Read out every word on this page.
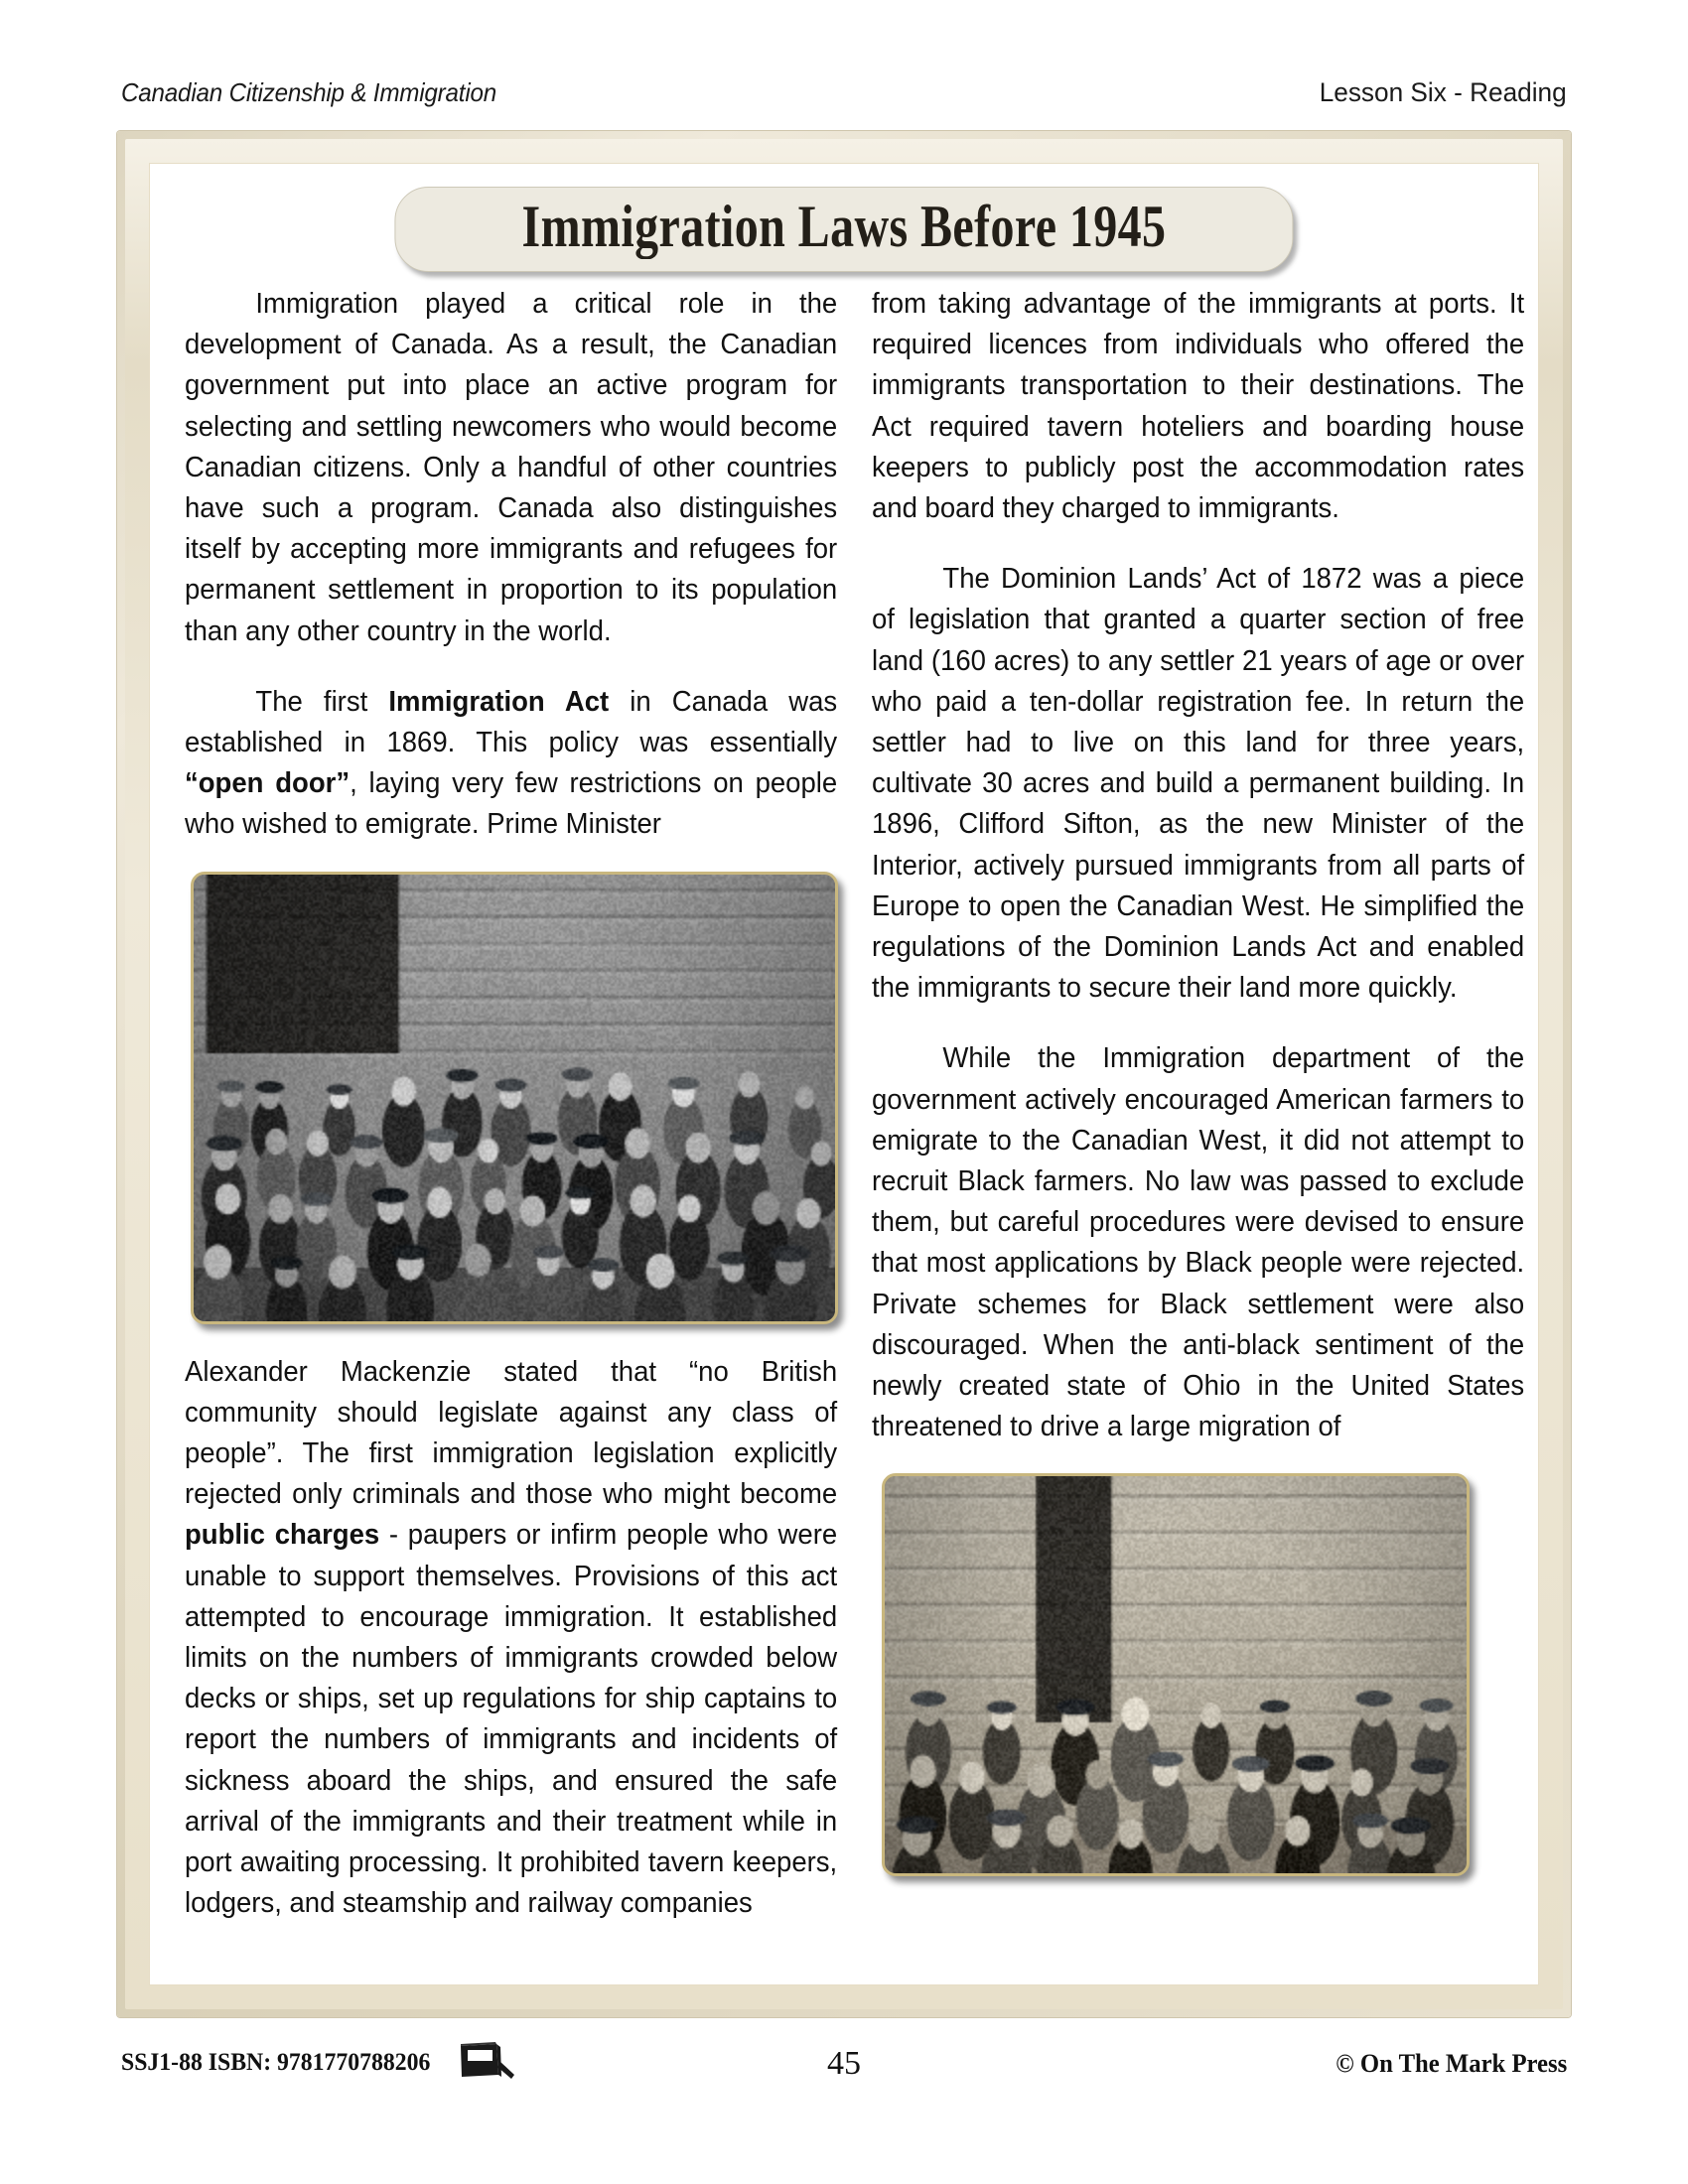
Canadian Citizenship & Immigration	Lesson Six - Reading
Immigration Laws Before 1945

Immigration played a critical role in the development of Canada. As a result, the Canadian government put into place an active program for selecting and settling newcomers who would become Canadian citizens. Only a handful of other countries have such a program. Canada also distinguishes itself by accepting more immigrants and refugees for permanent settlement in proportion to its population than any other country in the world.

The first Immigration Act in Canada was established in 1869. This policy was essentially “open door”, laying very few restrictions on people who wished to emigrate. Prime Minister

Alexander Mackenzie stated that “no British community should legislate against any class of people”. The first immigration legislation explicitly rejected only criminals and those who might become public charges - paupers or infirm people who were unable to support themselves. Provisions of this act attempted to encourage immigration. It established limits on the numbers of immigrants crowded below decks or ships, set up regulations for ship captains to report the numbers of immigrants and incidents of sickness aboard the ships, and ensured the safe arrival of the immigrants and their treatment while in port awaiting processing. It prohibited tavern keepers, lodgers, and steamship and railway companies

from taking advantage of the immigrants at ports. It required licences from individuals who offered the immigrants transportation to their destinations. The Act required tavern hoteliers and boarding house keepers to publicly post the accommodation rates and board they charged to immigrants.

The Dominion Lands’ Act of 1872 was a piece of legislation that granted a quarter section of free land (160 acres) to any settler 21 years of age or over who paid a ten-dollar registration fee. In return the settler had to live on this land for three years, cultivate 30 acres and build a permanent building. In 1896, Clifford Sifton, as the new Minister of the Interior, actively pursued immigrants from all parts of Europe to open the Canadian West. He simplified the regulations of the Dominion Lands Act and enabled the immigrants to secure their land more quickly.

While the Immigration department of the government actively encouraged American farmers to emigrate to the Canadian West, it did not attempt to recruit Black farmers. No law was passed to exclude them, but careful procedures were devised to ensure that most applications by Black people were rejected. Private schemes for Black settlement were also discouraged. When the anti-black sentiment of the newly created state of Ohio in the United States threatened to drive a large migration of

SSJ1-88 ISBN: 9781770788206	45	© On The Mark Press
